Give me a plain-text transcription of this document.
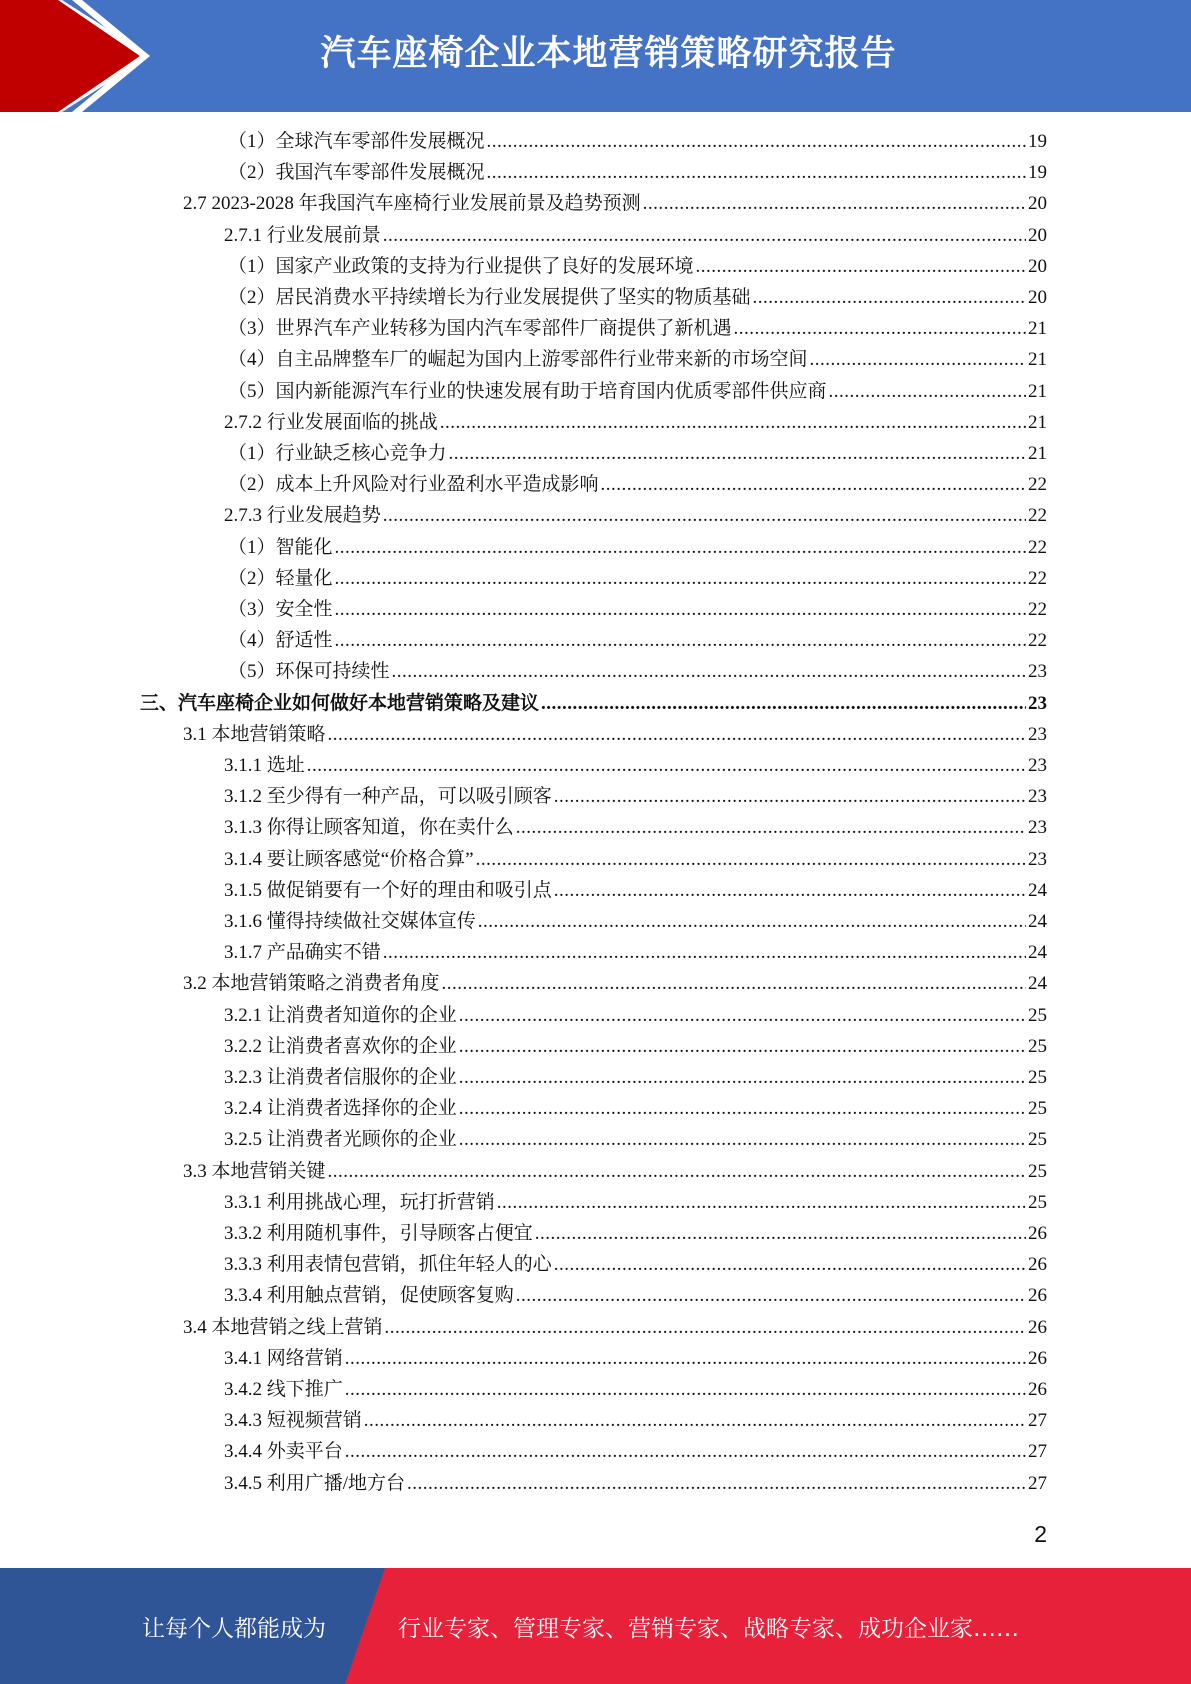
汽车座椅企业本地营销策略研究报告
（1）全球汽车零部件发展概况 .....	19
（2）我国汽车零部件发展概况 .....	19
2.7 2023-2028 年我国汽车座椅行业发展前景及趋势预测 .....	20
2.7.1 行业发展前景 .....	20
（1）国家产业政策的支持为行业提供了良好的发展环境 .....	20
（2）居民消费水平持续增长为行业发展提供了坚实的物质基础 .....	20
（3）世界汽车产业转移为国内汽车零部件厂商提供了新机遇 .....	21
（4）自主品牌整车厂的崛起为国内上游零部件行业带来新的市场空间 .....	21
（5）国内新能源汽车行业的快速发展有助于培育国内优质零部件供应商 .....	21
2.7.2 行业发展面临的挑战 .....	21
（1）行业缺乏核心竞争力 .....	21
（2）成本上升风险对行业盈利水平造成影响 .....	22
2.7.3 行业发展趋势 .....	22
（1）智能化 .....	22
（2）轻量化 .....	22
（3）安全性 .....	22
（4）舒适性 .....	22
（5）环保可持续性 .....	23
三、汽车座椅企业如何做好本地营销策略及建议 .....	23
3.1 本地营销策略 .....	23
3.1.1 选址 .....	23
3.1.2 至少得有一种产品，可以吸引顾客 .....	23
3.1.3 你得让顾客知道，你在卖什么 .....	23
3.1.4 要让顾客感觉“价格合算” .....	23
3.1.5 做促销要有一个好的理由和吸引点 .....	24
3.1.6 懂得持续做社交媒体宣传 .....	24
3.1.7 产品确实不错 .....	24
3.2 本地营销策略之消费者角度 .....	24
3.2.1 让消费者知道你的企业 .....	25
3.2.2 让消费者喜欢你的企业 .....	25
3.2.3 让消费者信服你的企业 .....	25
3.2.4 让消费者选择你的企业 .....	25
3.2.5 让消费者光顾你的企业 .....	25
3.3 本地营销关键 .....	25
3.3.1 利用挑战心理，玩打折营销 .....	25
3.3.2 利用随机事件，引导顾客占便宜 .....	26
3.3.3 利用表情包营销，抓住年轻人的心 .....	26
3.3.4 利用触点营销，促使顾客复购 .....	26
3.4 本地营销之线上营销 .....	26
3.4.1 网络营销 .....	26
3.4.2 线下推广 .....	26
3.4.3 短视频营销 .....	27
3.4.4 外卖平台 .....	27
3.4.5 利用广播/地方台 .....	27
2
让每个人都能成为	行业专家、管理专家、营销专家、战略专家、成功企业家……
